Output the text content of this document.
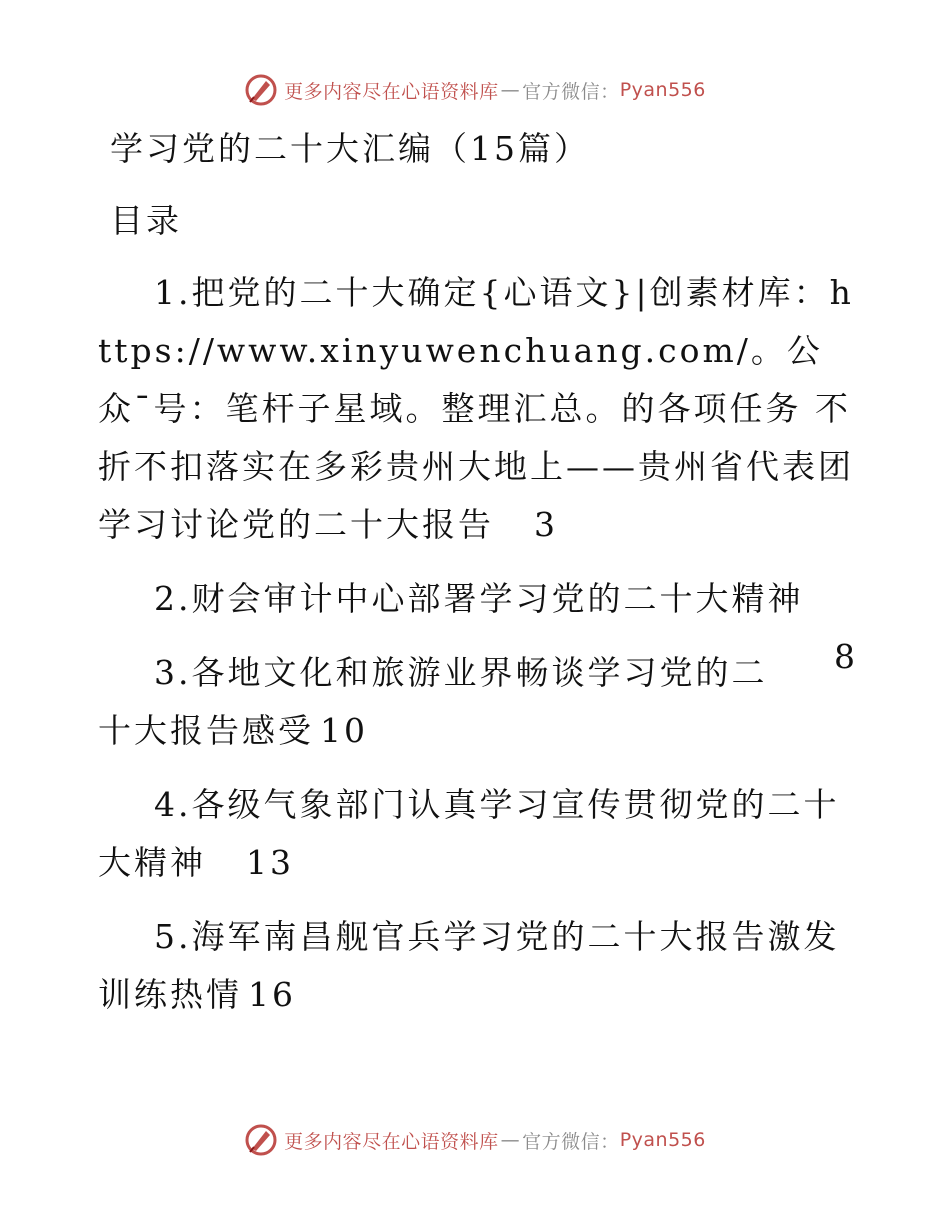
更多内容尽在心语资料库 — 官方微信： Pyan556
学习党的二十大汇编（15篇）
目录
1.把党的二十大确定{心语文}|创素材库：https://www.xinyuwenchuang.com/。公众¯号：笔杆子星域。整理汇总。的各项任务 不折不扣落实在多彩贵州大地上——贵州省代表团学习讨论党的二十大报告 3
2.财会审计中心部署学习党的二十大精神
8
3.各地文化和旅游业界畅谈学习党的二十大报告感受 10
4.各级气象部门认真学习宣传贯彻党的二十大精神 13
5.海军南昌舰官兵学习党的二十大报告激发训练热情 16
更多内容尽在心语资料库 — 官方微信： Pyan556
